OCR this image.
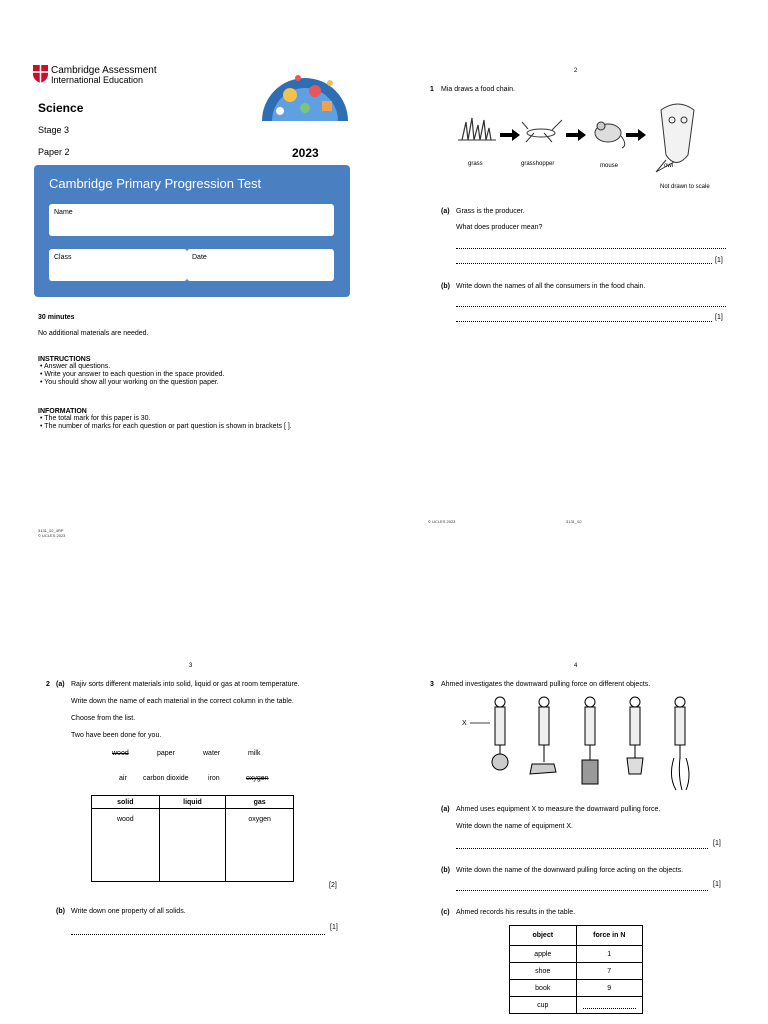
Cambridge Assessment
International Education
Science
Stage 3
Paper 2	2023
Cambridge Primary Progression Test
Name
Class	Date
30 minutes
No additional materials are needed.
INSTRUCTIONS
• Answer all questions.
• Write your answer to each question in the space provided.
• You should show all your working on the question paper.
INFORMATION
• The total mark for this paper is 30.
• The number of marks for each question or part question is shown in brackets [ ].
3131_02_4RP
© UCLES 2023
2
1 Mia draws a food chain.
grass	grasshopper	mouse	owl
Not drawn to scale
(a) Grass is the producer.
What does producer mean?
[1]
(b) Write down the names of all the consumers in the food chain.
[1]
© UCLES 2023	3131_02
3
2 (a) Rajiv sorts different materials into solid, liquid or gas at room temperature.
Write down the name of each material in the correct column in the table.
Choose from the list.
Two have been done for you.
wood	paper	water	milk
air carbon dioxide	iron	oxygen
solid	liquid	gas
wood		oxygen
[2]
(b) Write down one property of all solids.
[1]
4
3 Ahmed investigates the downward pulling force on different objects.
X
(a) Ahmed uses equipment X to measure the downward pulling force.
Write down the name of equipment X.
[1]
(b) Write down the name of the downward pulling force acting on the objects.
[1]
(c) Ahmed records his results in the table.
object	force in N
apple	1
shoe	7
book	9
cup	
